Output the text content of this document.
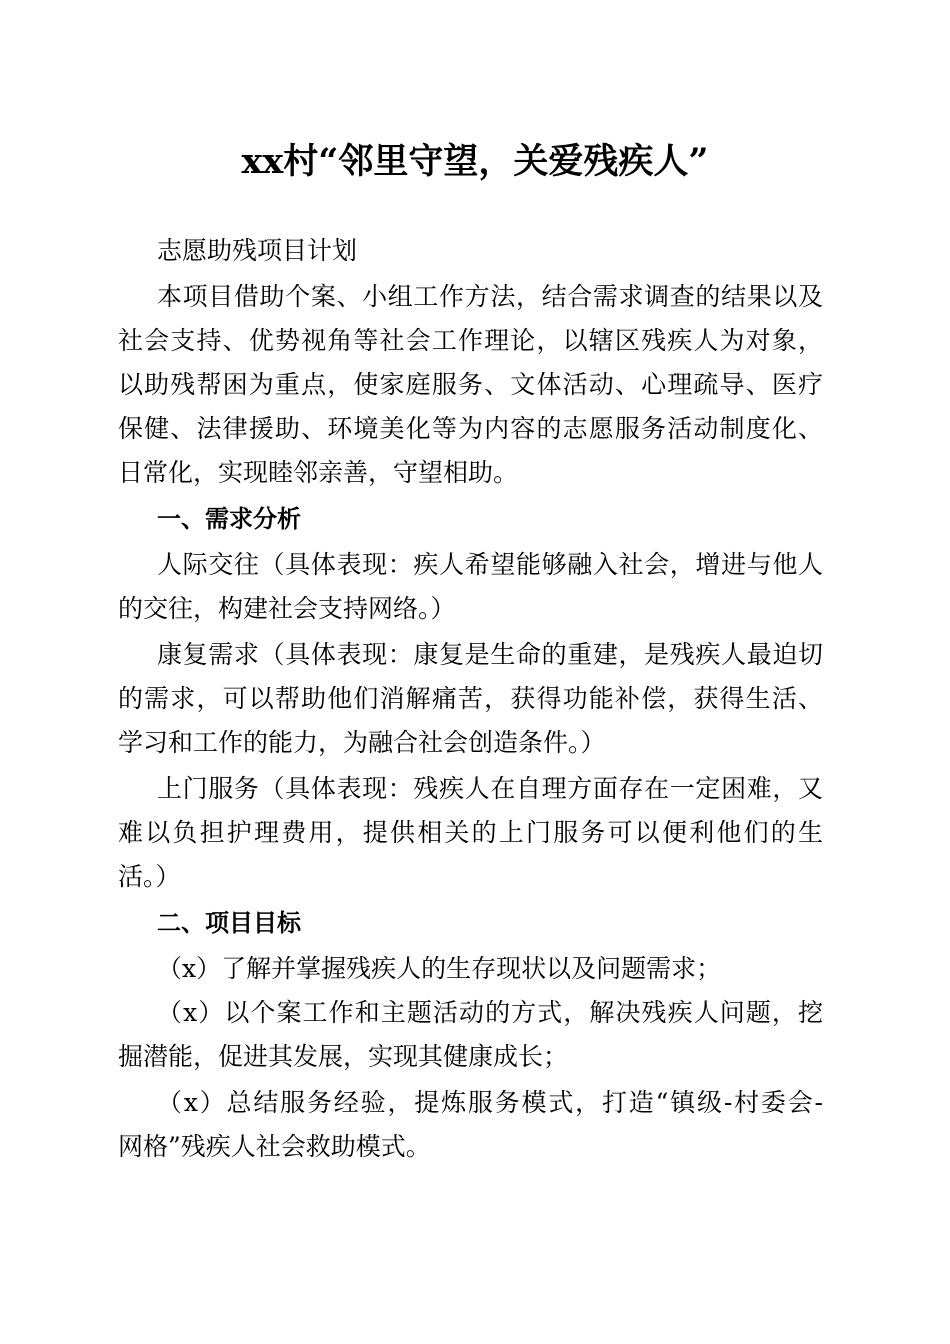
xx村“邻里守望，关爱残疾人”
志愿助残项目计划
本项目借助个案、小组工作方法，结合需求调查的结果以及
社会支持、优势视角等社会工作理论，以辖区残疾人为对象，
以助残帮困为重点，使家庭服务、文体活动、心理疏导、医疗
保健、法律援助、环境美化等为内容的志愿服务活动制度化、
日常化，实现睦邻亲善，守望相助。
一、需求分析
人际交往（具体表现：疾人希望能够融入社会，增进与他人
的交往，构建社会支持网络。）
康复需求（具体表现：康复是生命的重建，是残疾人最迫切
的需求，可以帮助他们消解痛苦，获得功能补偿，获得生活、
学习和工作的能力，为融合社会创造条件。）
上门服务（具体表现：残疾人在自理方面存在一定困难，又
难以负担护理费用，提供相关的上门服务可以便利他们的生
活。）
二、项目目标
（x）了解并掌握残疾人的生存现状以及问题需求；
（x）以个案工作和主题活动的方式，解决残疾人问题，挖
掘潜能，促进其发展，实现其健康成长；
（x）总结服务经验，提炼服务模式，打造“镇级-村委会-
网格”残疾人社会救助模式。
